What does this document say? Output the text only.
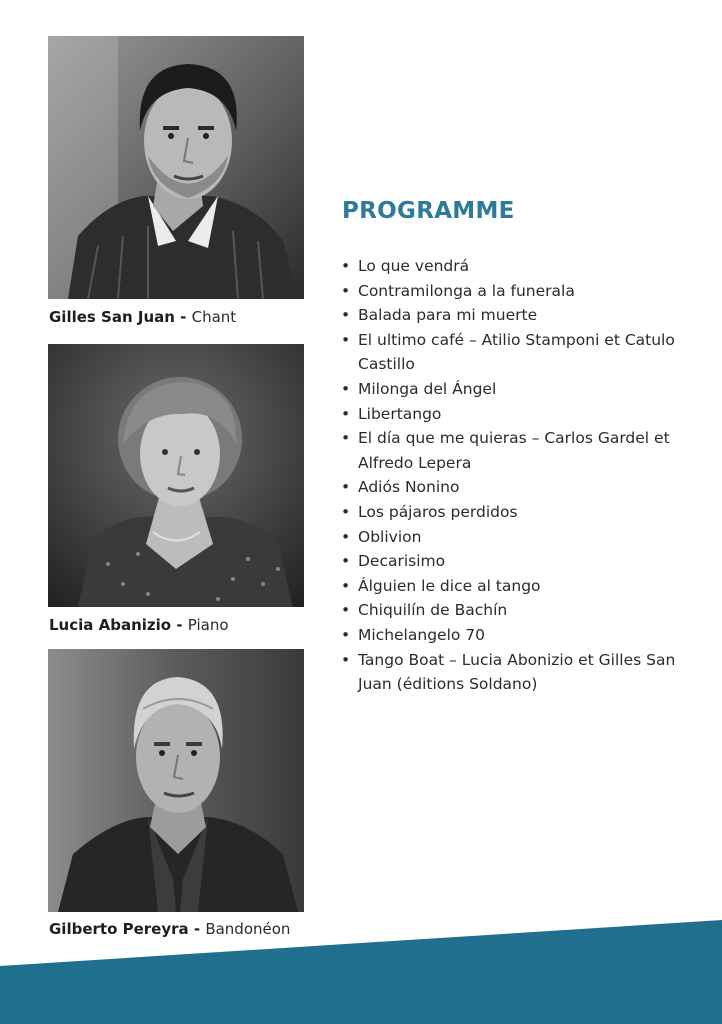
Gilles San Juan - Chant
Lucia Abanizio - Piano
Gilberto Pereyra - Bandonéon
PROGRAMME
• Lo que vendrá
• Contramilonga a la funerala
• Balada para mi muerte
• El ultimo café – Atilio Stamponi et Catulo Castillo
• Milonga del Ángel
• Libertango
• El día que me quieras – Carlos Gardel et Alfredo Lepera
• Adiós Nonino
• Los pájaros perdidos
• Oblivion
• Decarisimo
• Álguien le dice al tango
• Chiquilín de Bachín
• Michelangelo 70
• Tango Boat – Lucia Abonizio et Gilles San Juan (éditions Soldano)
